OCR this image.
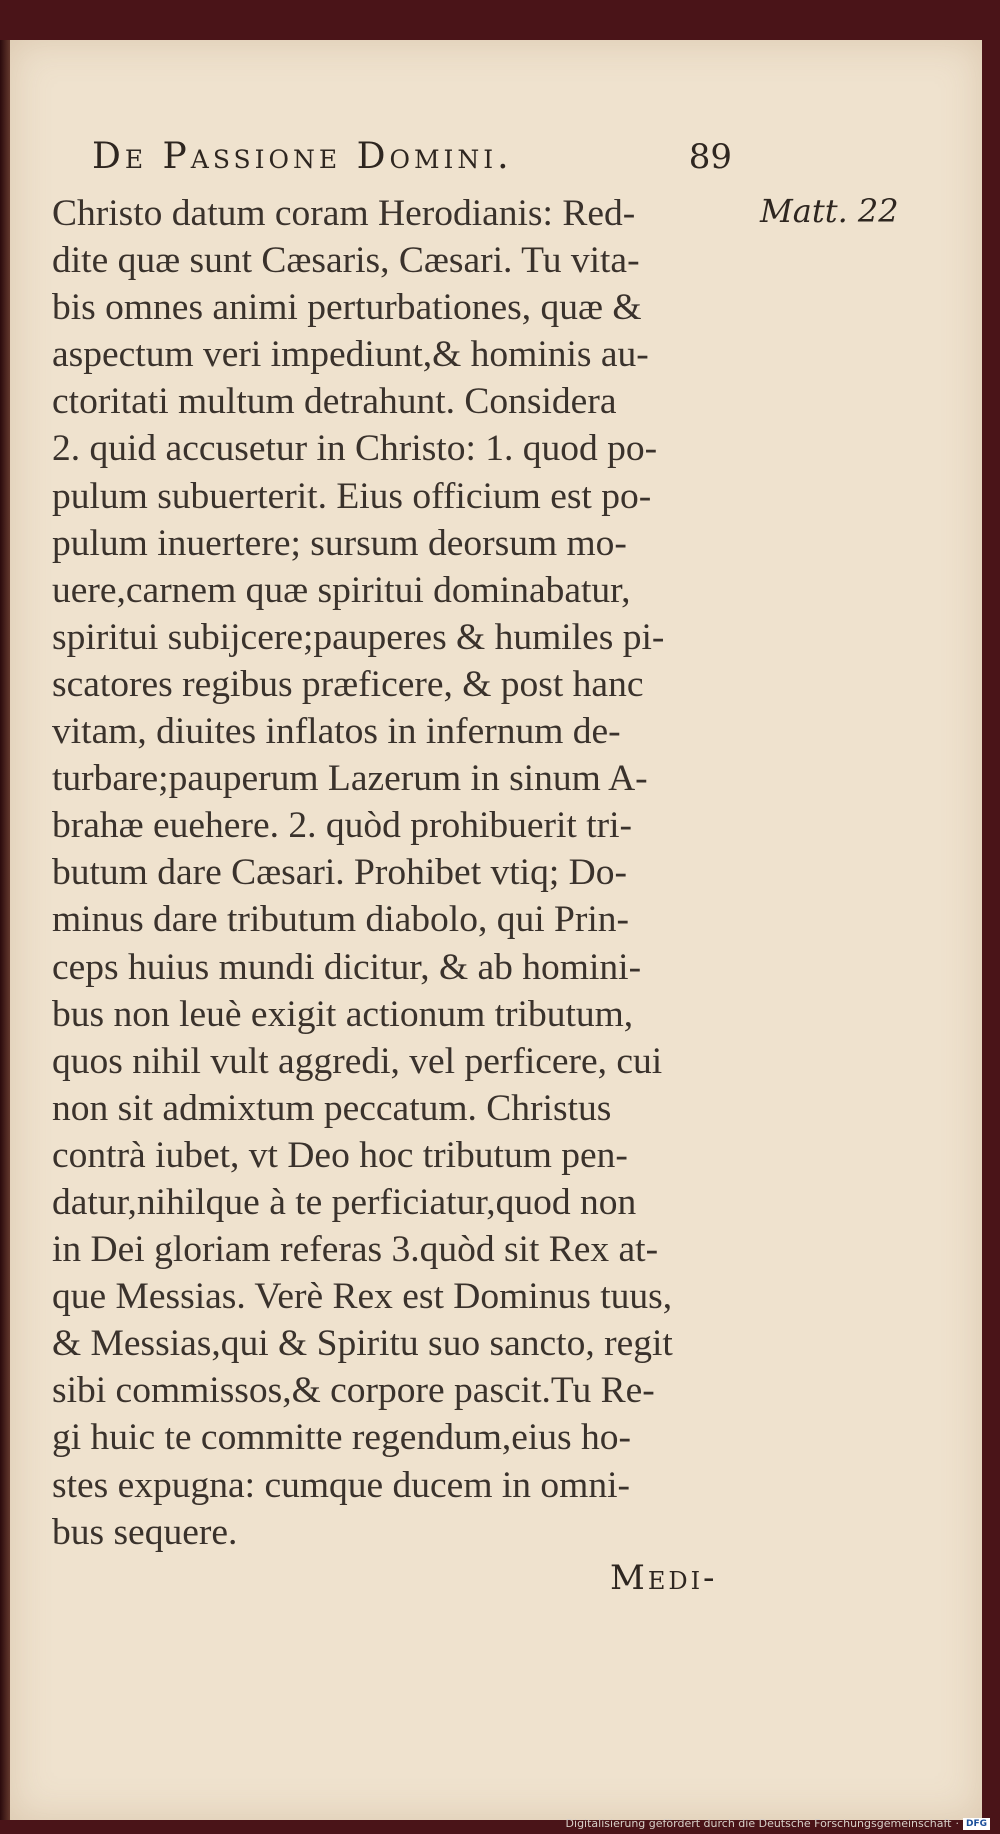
De Passione Domini.	89
Matt. 22
Christo datum coram Herodianis: Red-
dite quæ sunt Cæsaris, Cæsari. Tu vita-
bis omnes animi perturbationes, quæ &
aspectum veri impediunt,& hominis au-
ctoritati multum detrahunt. Considera
2. quid accusetur in Christo: 1. quod po-
pulum subuerterit. Eius officium est po-
pulum inuertere; sursum deorsum mo-
uere,carnem quæ spiritui dominabatur,
spiritui subijcere;pauperes & humiles pi-
scatores regibus præficere, & post hanc
vitam, diuites inflatos in infernum de-
turbare;pauperum Lazerum in sinum A-
brahæ euehere. 2. quòd prohibuerit tri-
butum dare Cæsari. Prohibet vtiq; Do-
minus dare tributum diabolo, qui Prin-
ceps huius mundi dicitur, & ab homini-
bus non leuè exigit actionum tributum,
quos nihil vult aggredi, vel perficere, cui
non sit admixtum peccatum. Christus
contrà iubet, vt Deo hoc tributum pen-
datur,nihilque à te perficiatur,quod non
in Dei gloriam referas 3.quòd sit Rex at-
que Messias. Verè Rex est Dominus tuus,
& Messias,qui & Spiritu suo sancto, regit
sibi commissos,& corpore pascit.Tu Re-
gi huic te committe regendum,eius ho-
stes expugna: cumque ducem in omni-
bus sequere.
Medi-
Digitalisierung gefördert durch die Deutsche Forschungsgemeinschaft · DFG
